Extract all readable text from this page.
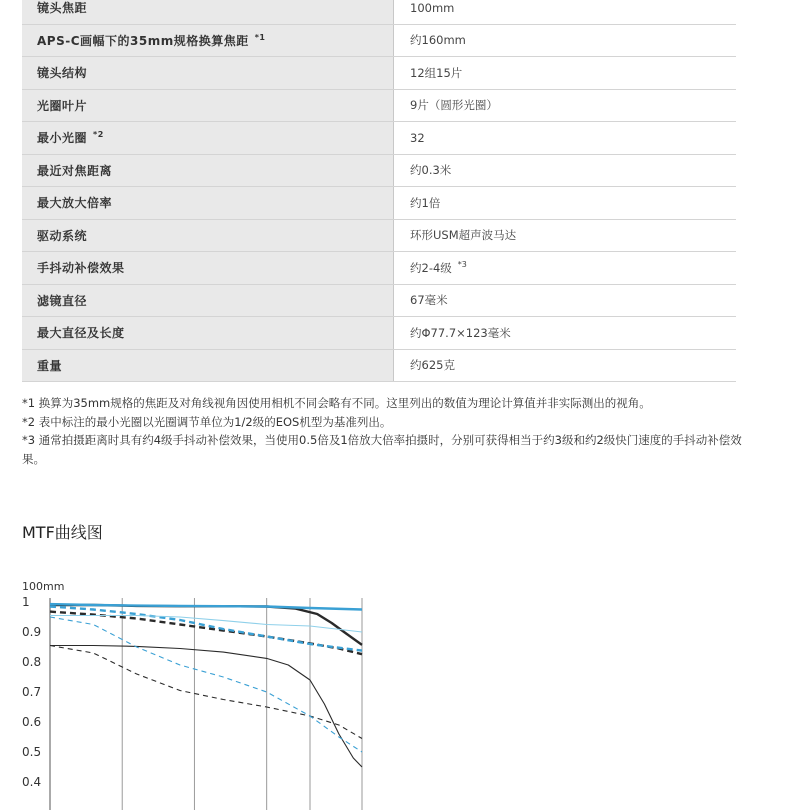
镜头焦距	100mm
APS-C画幅下的35mm规格换算焦距 $^{*1}$	约160mm
镜头结构	12组15片
光圈叶片	9片（圆形光圈）
最小光圈 $^{*2}$	32
最近对焦距离	约0.3米
最大放大倍率	约1倍
驱动系统	环形USM超声波马达
手抖动补偿效果	约2-4级 $^{*3}$
滤镜直径	67毫米
最大直径及长度	约Φ77.7×123毫米
重量	约625克

*1 换算为35mm规格的焦距及对角线视角因使用相机不同会略有不同。这里列出的数值为理论计算值并非实际测出的视角。

*2 表中标注的最小光圈以光圈调节单位为1/2级的EOS机型为基准列出。

*3 通常拍摄距离时具有约4级手抖动补偿效果，当使用0.5倍及1倍放大倍率拍摄时，分别可获得相当于约3级和约2级快门速度的手抖动补偿效果。

MTF曲线图
100mm
1
0.9
0.8
0.7
0.6
0.5
0.4
